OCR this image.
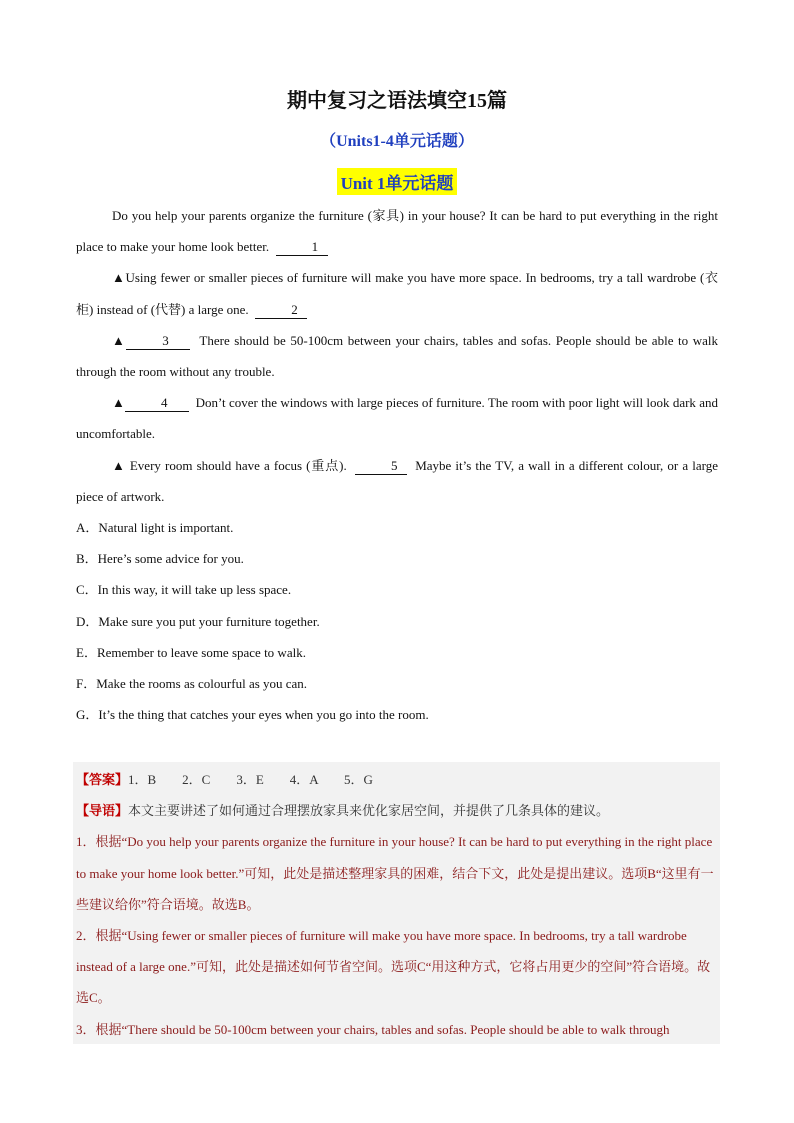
期中复习之语法填空15篇
（Units1-4单元话题）
Unit 1单元话题

Do you help your parents organize the furniture (家具) in your house? It can be hard to put everything in the right place to make your home look better.	1

▲Using fewer or smaller pieces of furniture will make you have more space. In bedrooms, try a tall wardrobe (衣柜) instead of (代替) a large one.	2

▲	3 There should be 50-100cm between your chairs, tables and sofas. People should be able to walk through the room without any trouble.

▲	4 Don’t cover the windows with large pieces of furniture. The room with poor light will look dark and uncomfortable.

▲ Every room should have a focus (重点).	5 Maybe it’s the TV, a wall in a different colour, or a large piece of artwork.

A．Natural light is important.

B．Here’s some advice for you.

C．In this way, it will take up less space.

D．Make sure you put your furniture together.

E．Remember to leave some space to walk.

F．Make the rooms as colourful as you can.

G．It’s the thing that catches your eyes when you go into the room.

【答案】1．B　　2．C　　3．E　　4．A　　5．G

【导语】本文主要讲述了如何通过合理摆放家具来优化家居空间，并提供了几条具体的建议。

1．根据“Do you help your parents organize the furniture in your house? It can be hard to put everything in the right place to make your home look better.”可知，此处是描述整理家具的困难，结合下文，此处是提出建议。选项B“这里有一些建议给你”符合语境。故选B。

2．根据“Using fewer or smaller pieces of furniture will make you have more space. In bedrooms, try a tall wardrobe instead of a large one.”可知，此处是描述如何节省空间。选项C“用这种方式，它将占用更少的空间”符合语境。故选C。

3．根据“There should be 50-100cm between your chairs, tables and sofas. People should be able to walk through
